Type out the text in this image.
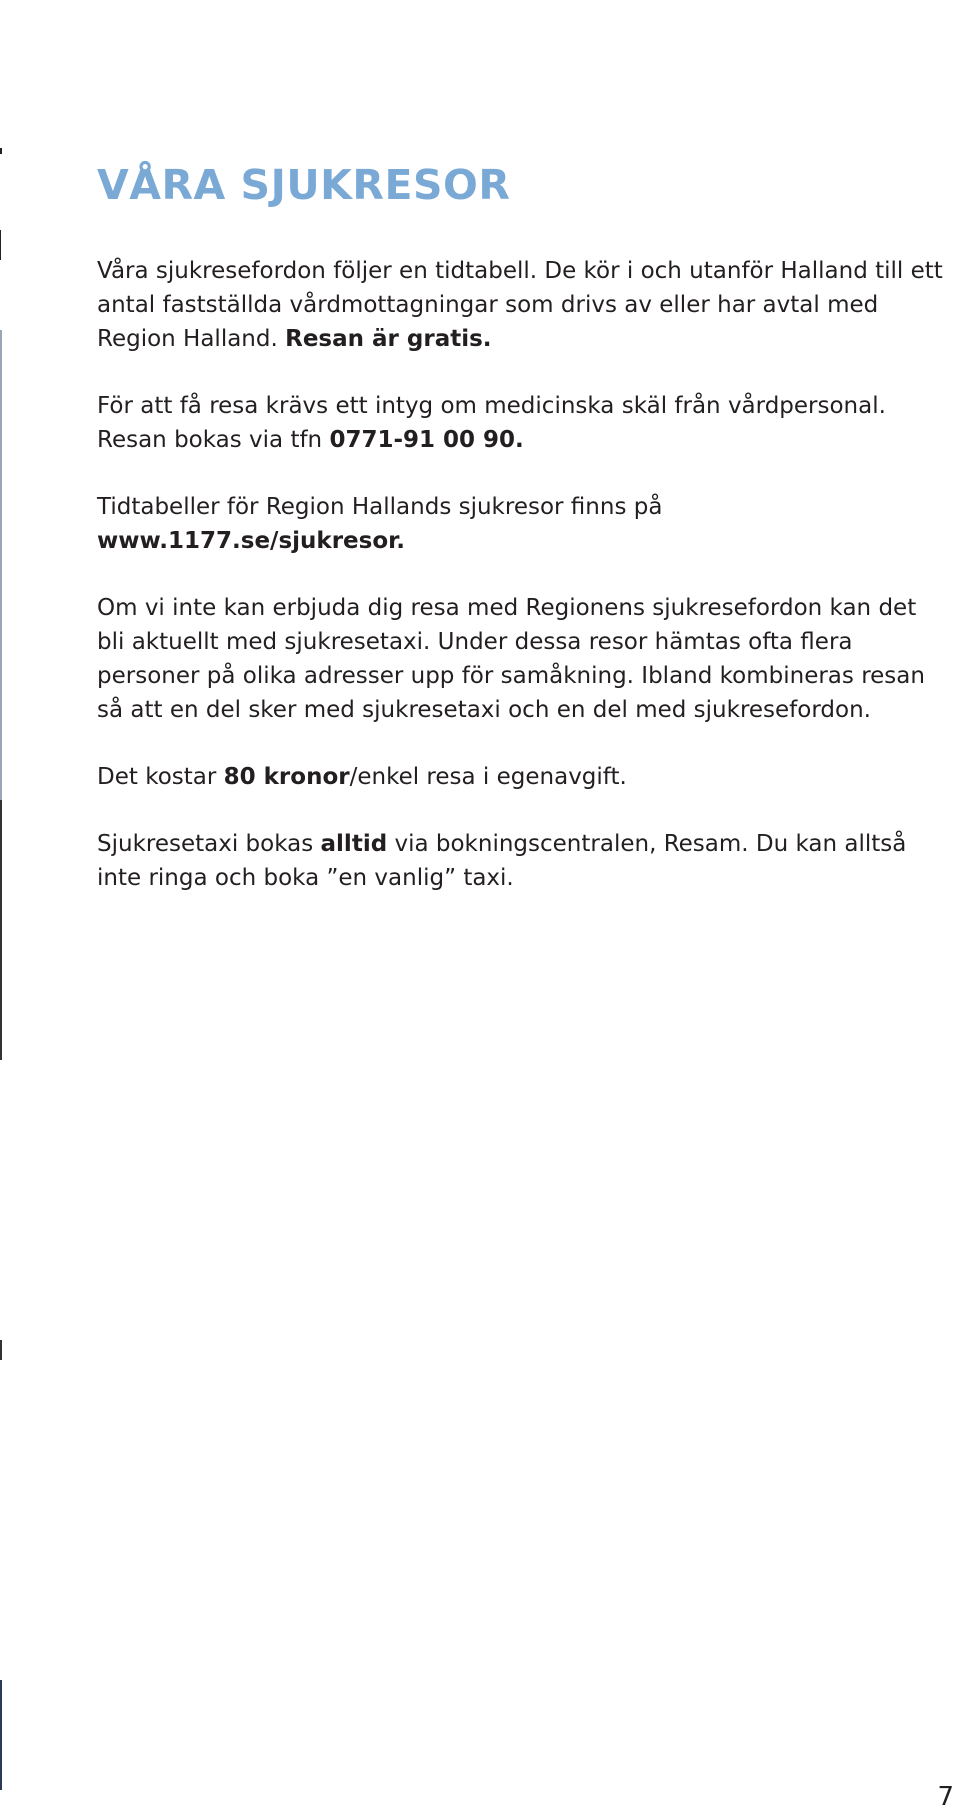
VÅRA SJUKRESOR

Våra sjukresefordon följer en tidtabell. De kör i och utanför Halland till ett antal fastställda vårdmottagningar som drivs av eller har avtal med Region Halland. Resan är gratis.

För att få resa krävs ett intyg om medicinska skäl från vårdpersonal. Resan bokas via tfn 0771-91 00 90.

Tidtabeller för Region Hallands sjukresor finns på www.1177.se/sjukresor.

Om vi inte kan erbjuda dig resa med Regionens sjukresefordon kan det bli aktuellt med sjukresetaxi. Under dessa resor hämtas ofta flera personer på olika adresser upp för samåkning. Ibland kombineras resan så att en del sker med sjukresetaxi och en del med sjukresefordon.

Det kostar 80 kronor/enkel resa i egenavgift.

Sjukresetaxi bokas alltid via bokningscentralen, Resam. Du kan alltså inte ringa och boka ”en vanlig” taxi.

7
